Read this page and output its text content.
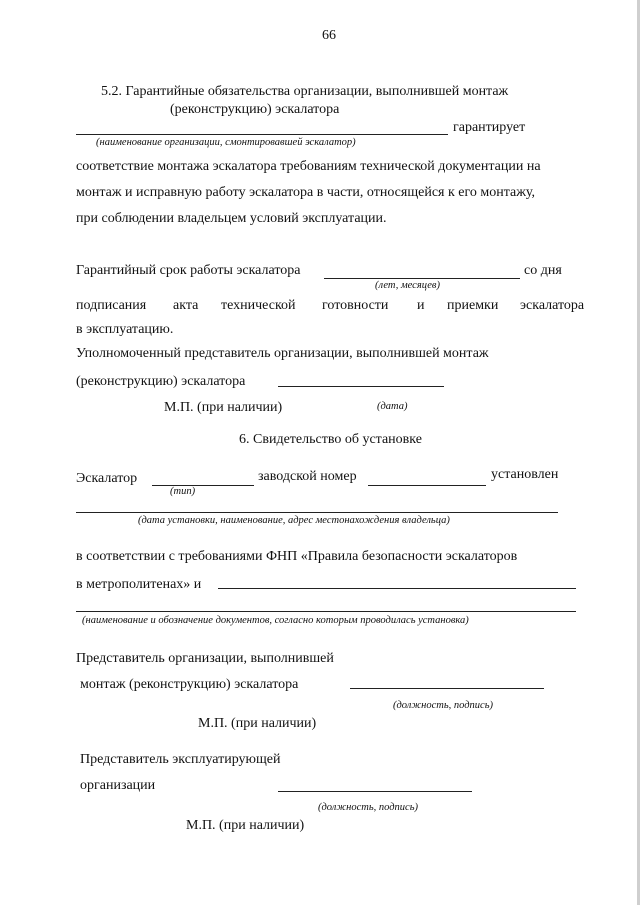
66
5.2. Гарантийные обязательства организации, выполнившей монтаж
(реконструкцию) эскалатора
гарантирует
(наименование организации, смонтировавшей эскалатор)
соответствие монтажа эскалатора требованиям технической документации на
монтаж и исправную работу эскалатора в части, относящейся к его монтажу,
при соблюдении владельцем условий эксплуатации.
Гарантийный срок работы эскалатора	со дня
(лет, месяцев)
подписания акта технической готовности и приемки эскалатора
в эксплуатацию.
Уполномоченный представитель организации, выполнившей монтаж
(реконструкцию) эскалатора
М.П. (при наличии)	(дата)
6. Свидетельство об установке
Эскалатор	заводской номер	установлен
(тип)
(дата установки, наименование, адрес местонахождения владельца)
в соответствии с требованиями ФНП «Правила безопасности эскалаторов
в метрополитенах» и
(наименование и обозначение документов, согласно которым проводилась установка)
Представитель организации, выполнившей
монтаж (реконструкцию) эскалатора
(должность, подпись)
М.П. (при наличии)
Представитель эксплуатирующей
организации
(должность, подпись)
М.П. (при наличии)
